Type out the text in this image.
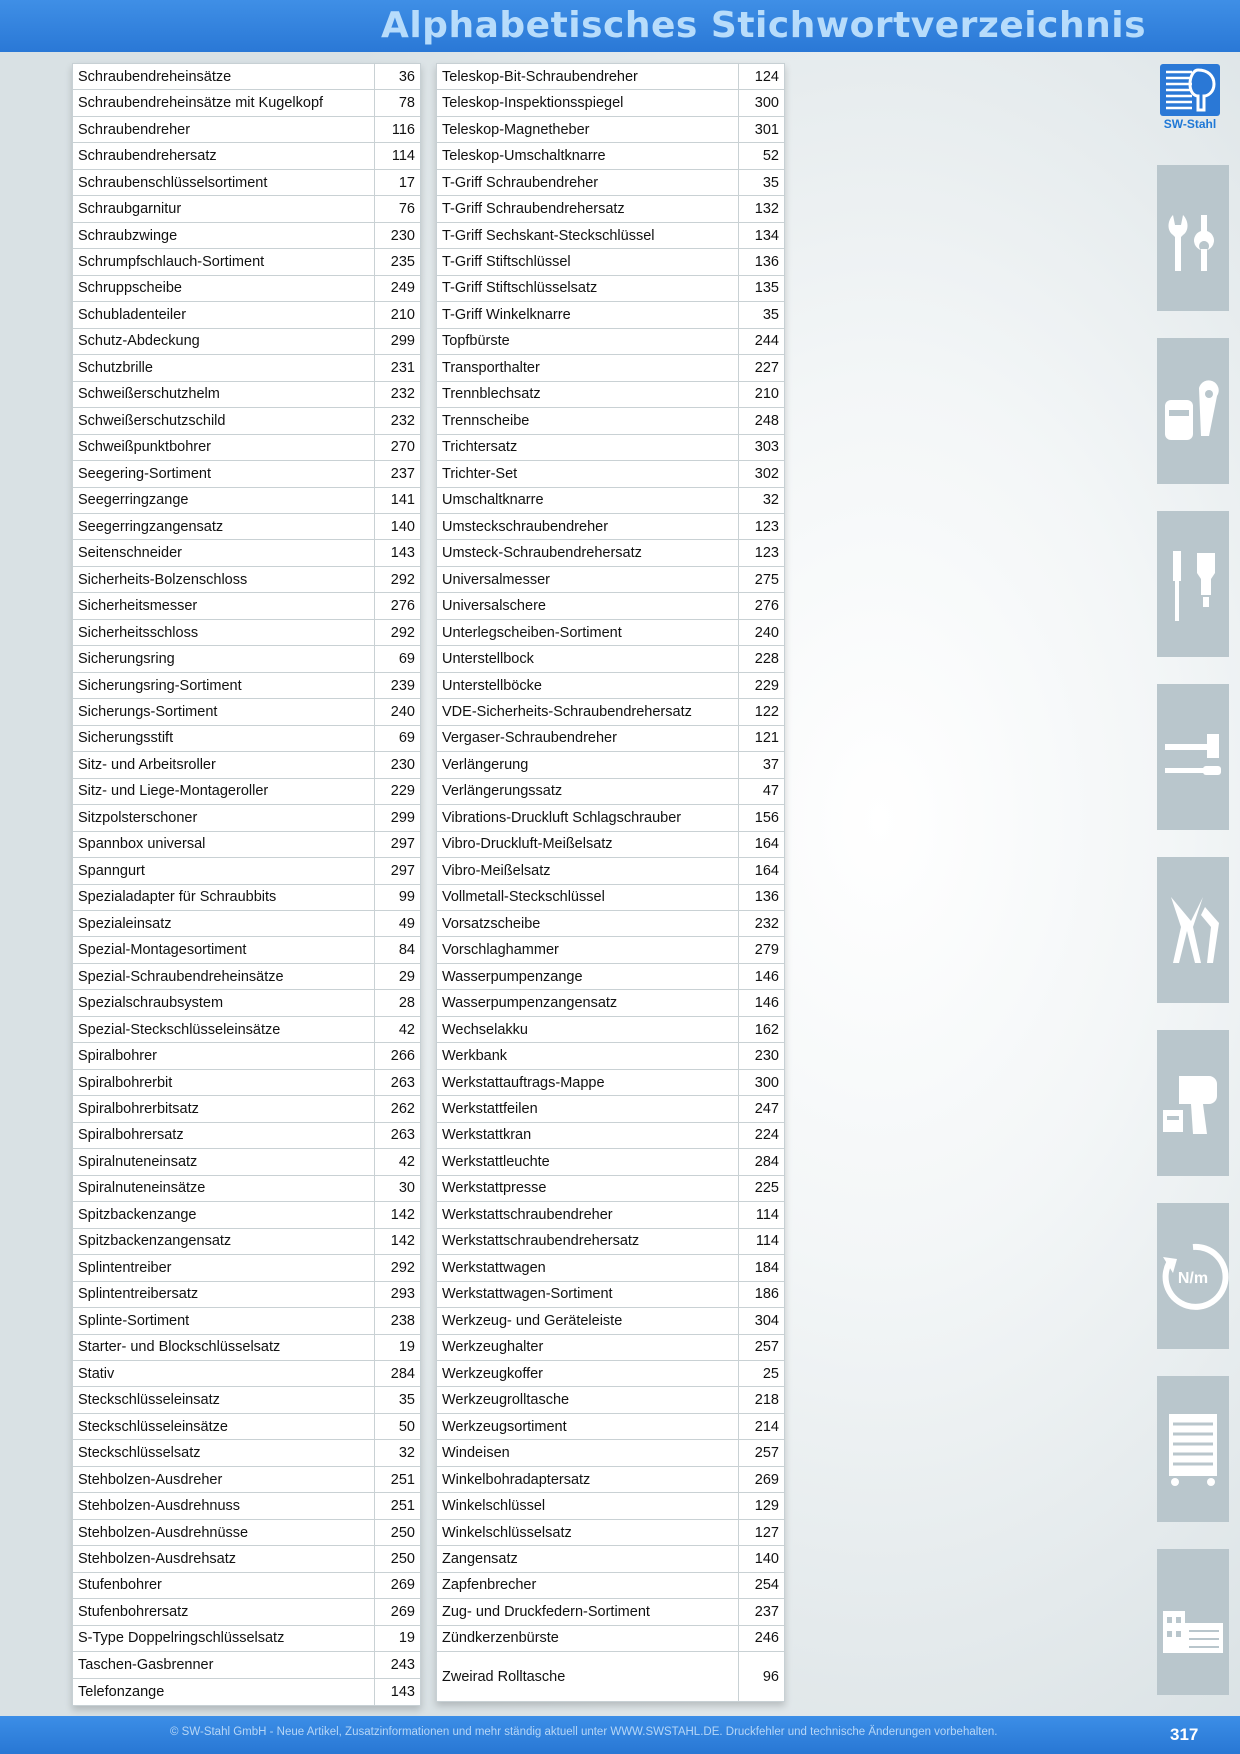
Alphabetisches Stichwortverzeichnis
Schraubendreheinsätze	36
Schraubendreheinsätze mit Kugelkopf	78
Schraubendreher	116
Schraubendrehersatz	114
Schraubenschlüsselsortiment	17
Schraubgarnitur	76
Schraubzwinge	230
Schrumpfschlauch-Sortiment	235
Schruppscheibe	249
Schubladenteiler	210
Schutz-Abdeckung	299
Schutzbrille	231
Schweißerschutzhelm	232
Schweißerschutzschild	232
Schweißpunktbohrer	270
Seegering-Sortiment	237
Seegerringzange	141
Seegerringzangensatz	140
Seitenschneider	143
Sicherheits-Bolzenschloss	292
Sicherheitsmesser	276
Sicherheitsschloss	292
Sicherungsring	69
Sicherungsring-Sortiment	239
Sicherungs-Sortiment	240
Sicherungsstift	69
Sitz- und Arbeitsroller	230
Sitz- und Liege-Montageroller	229
Sitzpolsterschoner	299
Spannbox universal	297
Spanngurt	297
Spezialadapter für Schraubbits	99
Spezialeinsatz	49
Spezial-Montagesortiment	84
Spezial-Schraubendreheinsätze	29
Spezialschraubsystem	28
Spezial-Steckschlüsseleinsätze	42
Spiralbohrer	266
Spiralbohrerbit	263
Spiralbohrerbitsatz	262
Spiralbohrersatz	263
Spiralnuteneinsatz	42
Spiralnuteneinsätze	30
Spitzbackenzange	142
Spitzbackenzangensatz	142
Splintentreiber	292
Splintentreibersatz	293
Splinte-Sortiment	238
Starter- und Blockschlüsselsatz	19
Stativ	284
Steckschlüsseleinsatz	35
Steckschlüsseleinsätze	50
Steckschlüsselsatz	32
Stehbolzen-Ausdreher	251
Stehbolzen-Ausdrehnuss	251
Stehbolzen-Ausdrehnüsse	250
Stehbolzen-Ausdrehsatz	250
Stufenbohrer	269
Stufenbohrersatz	269
S-Type Doppelringschlüsselsatz	19
Taschen-Gasbrenner	243
Telefonzange	143
Teleskop-Bit-Schraubendreher	124
Teleskop-Inspektionsspiegel	300
Teleskop-Magnetheber	301
Teleskop-Umschaltknarre	52
T-Griff Schraubendreher	35
T-Griff Schraubendrehersatz	132
T-Griff Sechskant-Steckschlüssel	134
T-Griff Stiftschlüssel	136
T-Griff Stiftschlüsselsatz	135
T-Griff Winkelknarre	35
Topfbürste	244
Transporthalter	227
Trennblechsatz	210
Trennscheibe	248
Trichtersatz	303
Trichter-Set	302
Umschaltknarre	32
Umsteckschraubendreher	123
Umsteck-Schraubendrehersatz	123
Universalmesser	275
Universalschere	276
Unterlegscheiben-Sortiment	240
Unterstellbock	228
Unterstellböcke	229
VDE-Sicherheits-Schraubendrehersatz	122
Vergaser-Schraubendreher	121
Verlängerung	37
Verlängerungssatz	47
Vibrations-Druckluft Schlagschrauber	156
Vibro-Druckluft-Meißelsatz	164
Vibro-Meißelsatz	164
Vollmetall-Steckschlüssel	136
Vorsatzscheibe	232
Vorschlaghammer	279
Wasserpumpenzange	146
Wasserpumpenzangensatz	146
Wechselakku	162
Werkbank	230
Werkstattauftrags-Mappe	300
Werkstattfeilen	247
Werkstattkran	224
Werkstattleuchte	284
Werkstattpresse	225
Werkstattschraubendreher	114
Werkstattschraubendrehersatz	114
Werkstattwagen	184
Werkstattwagen-Sortiment	186
Werkzeug- und Geräteleiste	304
Werkzeughalter	257
Werkzeugkoffer	25
Werkzeugrolltasche	218
Werkzeugsortiment	214
Windeisen	257
Winkelbohradaptersatz	269
Winkelschlüssel	129
Winkelschlüsselsatz	127
Zangensatz	140
Zapfenbrecher	254
Zug- und Druckfedern-Sortiment	237
Zündkerzenbürste	246
Zweirad Rolltasche	96
SW-Stahl
N/m
© SW-Stahl GmbH - Neue Artikel, Zusatzinformationen und mehr ständig aktuell unter WWW.SWSTAHL.DE. Druckfehler und technische Änderungen vorbehalten.	317
